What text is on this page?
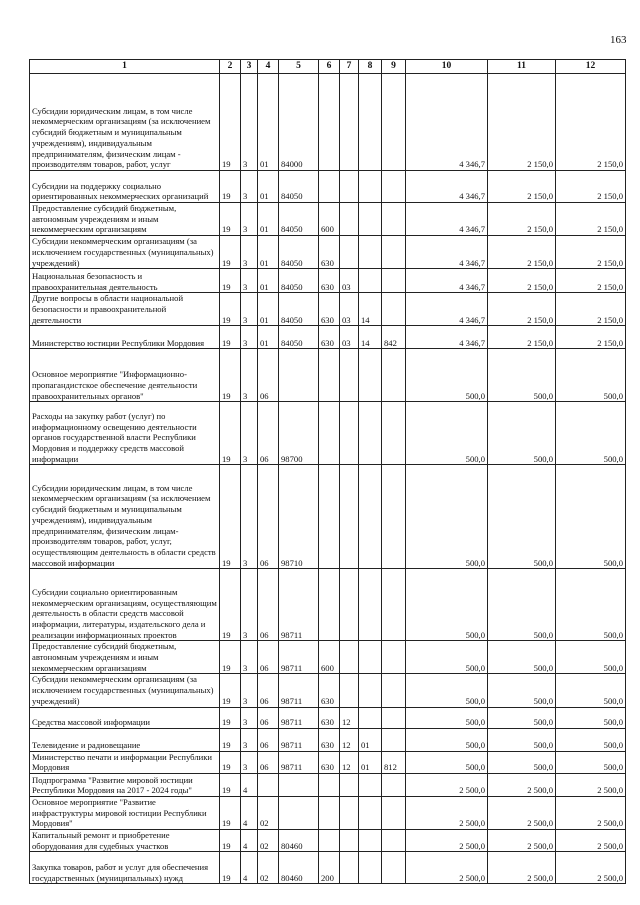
163
1	2	3	4	5	6	7	8	9	10	11	12
Субсидии юридическим лицам, в том числе некоммерческим организациям (за исключением субсидий бюджетным и муниципальным учреждениям), индивидуальным предпринимателям, физическим лицам - производителям товаров, работ, услуг	19	3	01	84000					4 346,7	2 150,0	2 150,0
Субсидии на поддержку социально ориентированных некоммерческих организаций	19	3	01	84050					4 346,7	2 150,0	2 150,0
Предоставление субсидий бюджетным, автономным учреждениям и иным некоммерческим организациям	19	3	01	84050	600				4 346,7	2 150,0	2 150,0
Субсидии некоммерческим организациям (за исключением государственных (муниципальных) учреждений)	19	3	01	84050	630				4 346,7	2 150,0	2 150,0
Национальная безопасность и правоохранительная деятельность	19	3	01	84050	630	03			4 346,7	2 150,0	2 150,0
Другие вопросы в области национальной безопасности и правоохранительной деятельности	19	3	01	84050	630	03	14		4 346,7	2 150,0	2 150,0
Министерство юстиции Республики Мордовия	19	3	01	84050	630	03	14	842	4 346,7	2 150,0	2 150,0
Основное мероприятие "Информационно-пропагандистское обеспечение деятельности правоохранительных органов"	19	3	06						500,0	500,0	500,0
Расходы на закупку работ (услуг) по информационному освещению деятельности органов государственной власти Республики Мордовия и поддержку средств массовой информации	19	3	06	98700					500,0	500,0	500,0
Субсидии юридическим лицам, в том числе некоммерческим организациям (за исключением субсидий бюджетным и муниципальным учреждениям), индивидуальным предпринимателям, физическим лицам- производителям товаров, работ, услуг, осуществляющим деятельность в области средств массовой информации	19	3	06	98710					500,0	500,0	500,0
Субсидии социально ориентированным некоммерческим организациям, осуществляющим деятельность в области средств массовой информации, литературы, издательского дела и реализации информационных проектов	19	3	06	98711					500,0	500,0	500,0
Предоставление субсидий бюджетным, автономным учреждениям и иным некоммерческим организациям	19	3	06	98711	600				500,0	500,0	500,0
Субсидии некоммерческим организациям (за исключением государственных (муниципальных) учреждений)	19	3	06	98711	630				500,0	500,0	500,0
Средства массовой информации	19	3	06	98711	630	12			500,0	500,0	500,0
Телевидение и радиовещание	19	3	06	98711	630	12	01		500,0	500,0	500,0
Министерство печати и информации Республики Мордовия	19	3	06	98711	630	12	01	812	500,0	500,0	500,0
Подпрограмма "Развитие мировой юстиции Республики Мордовия на 2017 - 2024 годы"	19	4							2 500,0	2 500,0	2 500,0
Основное мероприятие "Развитие инфраструктуры мировой юстиции Республики Мордовия"	19	4	02						2 500,0	2 500,0	2 500,0
Капитальный ремонт и приобретение оборудования для судебных участков	19	4	02	80460					2 500,0	2 500,0	2 500,0
Закупка товаров, работ и услуг для обеспечения государственных (муниципальных) нужд	19	4	02	80460	200				2 500,0	2 500,0	2 500,0
